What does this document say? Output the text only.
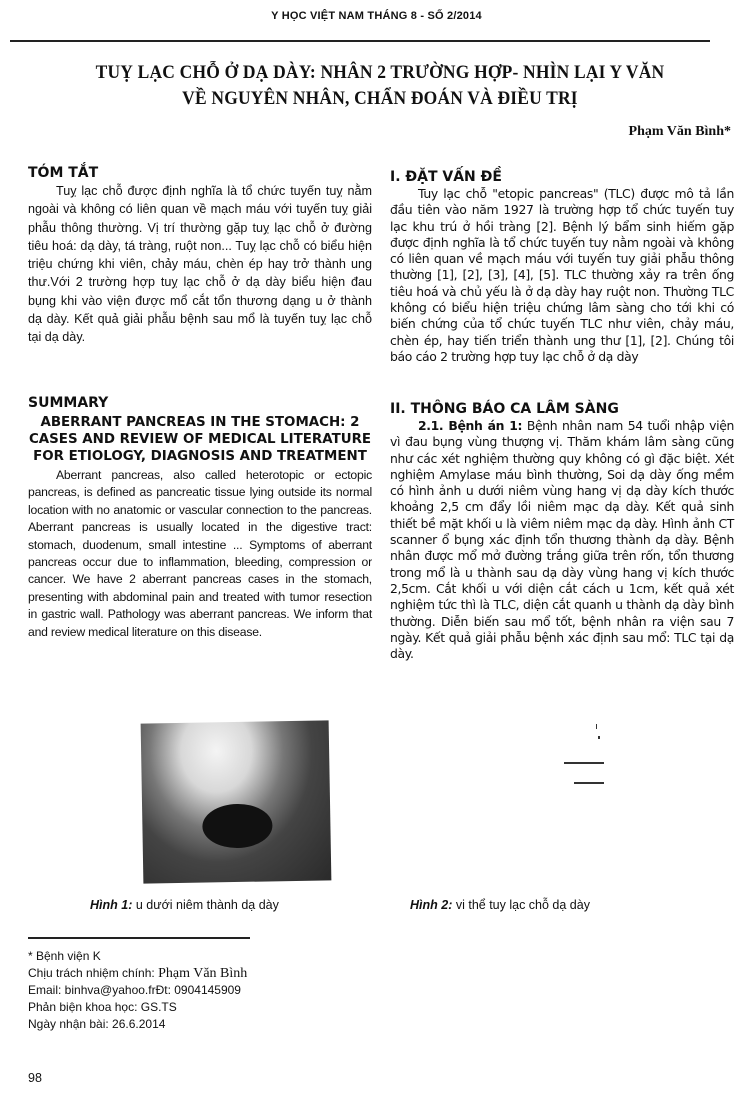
Y HỌC VIỆT NAM THÁNG 8 - SỐ 2/2014
TUỴ LẠC CHỖ Ở DẠ DÀY: NHÂN 2 TRƯỜNG HỢP- NHÌN LẠI Y VĂN
VỀ NGUYÊN NHÂN, CHẨN ĐOÁN VÀ ĐIỀU TRỊ
Phạm Văn Bình*
TÓM TẮT

Tuỵ lạc chỗ được định nghĩa là tổ chức tuyến tuỵ nằm ngoài và không có liên quan về mạch máu với tuyến tuỵ giải phẫu thông thường. Vị trí thường gặp tuỵ lạc chỗ ở đường tiêu hoá: dạ dày, tá tràng, ruột non... Tuỵ lạc chỗ có biểu hiện triệu chứng khi viên, chảy máu, chèn ép hay trở thành ung thư.Với 2 trường hợp tuỵ lạc chỗ ở dạ dày biểu hiện đau bụng khi vào viện được mổ cắt tổn thương dạng u ở thành dạ dày. Kết quả giải phẫu bệnh sau mổ là tuyến tuỵ lạc chỗ tại dạ dày.

SUMMARY
ABERRANT PANCREAS IN THE STOMACH: 2 CASES AND REVIEW OF MEDICAL LITERATURE FOR ETIOLOGY, DIAGNOSIS AND TREATMENT

Aberrant pancreas, also called heterotopic or ectopic pancreas, is defined as pancreatic tissue lying outside its normal location with no anatomic or vascular connection to the pancreas. Aberrant pancreas is usually located in the digestive tract: stomach, duodenum, small intestine ... Symptoms of aberrant pancreas occur due to inflammation, bleeding, compression or cancer. We have 2 aberrant pancreas cases in the stomach, presenting with abdominal pain and treated with tumor resection in gastric wall. Pathology was aberrant pancreas. We inform that and review medical literature on this disease.

I. ĐẶT VẤN ĐỀ

Tuy lạc chỗ "etopic pancreas" (TLC) được mô tả lần đầu tiên vào năm 1927 là trường hợp tổ chức tuyến tuy lạc khu trú ở hồi tràng [2]. Bệnh lý bẩm sinh hiếm gặp được định nghĩa là tổ chức tuyến tuy nằm ngoài và không có liên quan về mạch máu với tuyến tuy giải phẫu thông thường [1], [2], [3], [4], [5]. TLC thường xảy ra trên ống tiêu hoá và chủ yếu là ở dạ dày hay ruột non. Thường TLC không có biểu hiện triệu chứng lâm sàng cho tới khi có biến chứng của tổ chức tuyến TLC như viên, chảy máu, chèn ép, hay tiến triển thành ung thư [1], [2]. Chúng tôi báo cáo 2 trường hợp tuy lạc chỗ ở dạ dày

II. THÔNG BÁO CA LÂM SÀNG

2.1. Bệnh án 1: Bệnh nhân nam 54 tuổi nhập viện vì đau bụng vùng thượng vị. Thăm khám lâm sàng cũng như các xét nghiệm thường quy không có gì đặc biệt. Xét nghiệm Amylase máu bình thường, Soi dạ dày ống mềm có hình ảnh u dưới niêm vùng hang vị dạ dày kích thước khoảng 2,5 cm đẩy lồi niêm mạc dạ dày. Kết quả sinh thiết bề mặt khối u là viêm niêm mạc dạ dày. Hình ảnh CT scanner ổ bụng xác định tổn thương thành dạ dày. Bệnh nhân được mổ mở đường trắng giữa trên rốn, tổn thương trong mổ là u thành sau dạ dày vùng hang vị kích thước 2,5cm. Cắt khối u với diện cắt cách u 1cm, kết quả xét nghiệm tức thì là TLC, diện cắt quanh u thành dạ dày bình thường. Diễn biến sau mổ tốt, bệnh nhân ra viện sau 7 ngày. Kết quả giải phẫu bệnh xác định sau mổ: TLC tại dạ dày.

Hình 1: u dưới niêm thành dạ dày	Hình 2: vi thể tuy lạc chỗ dạ dày
* Bệnh viện K
Chịu trách nhiệm chính: Phạm Văn Bình
Email: binhva@yahoo.frĐt: 0904145909
Phản biện khoa học: GS.TS
Ngày nhận bài: 26.6.2014
98
